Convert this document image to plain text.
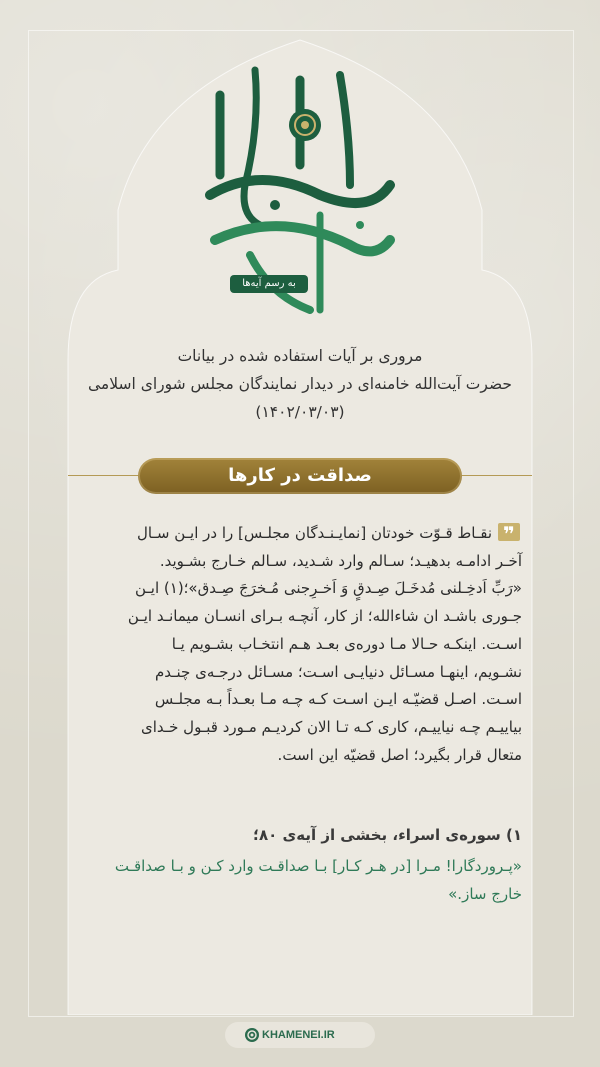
به رسم آیه‌ها
مروری بر آیات استفاده شده در بیانات
حضرت آیت‌الله خامنه‌ای در دیدار نمایندگان مجلس شورای اسلامی
(۱۴۰۲/۰۳/۰۳)
صداقت در کارها
❞
نقـاط قـوّت خودتان [نمایـنـدگان مجلـس] را در ایـن سـال
آخـر ادامـه بدهیـد؛ سـالم وارد شـدید، سـالم خـارج بشـوید.
«رَبِّ اَدخِـلنی مُدخَـلَ صِـدقٍ وَ اَخـرِجنی مُـخرَجَ صِـدق»؛(۱) ایـن
جـوری باشـد ان شاءالله؛ از کار، آنچـه بـرای انسـان میمانـد ایـن
اسـت. اینکـه حـالا مـا دوره‌ی بعـد هـم انتخـاب بشـویم یـا
نشـویم، اینهـا مسـائل دنیایـی اسـت؛ مسـائل درجـه‌ی چنـدم
اسـت. اصـل قضیّـه ایـن اسـت کـه چـه مـا بعـداً بـه مجلـس
بیاییـم چـه نیاییـم، کاری کـه تـا الان کردیـم مـورد قبـول خـدای
متعال قرار بگیرد؛ اصل قضیّه این است.
۱) سوره‌ی اسراء، بخشی از آیه‌ی ۸۰؛
«پـروردگارا! مـرا [در هـر کـار] بـا صداقـت وارد کـن و بـا صداقـت
خارج ساز.»
KHAMENEI.IR
